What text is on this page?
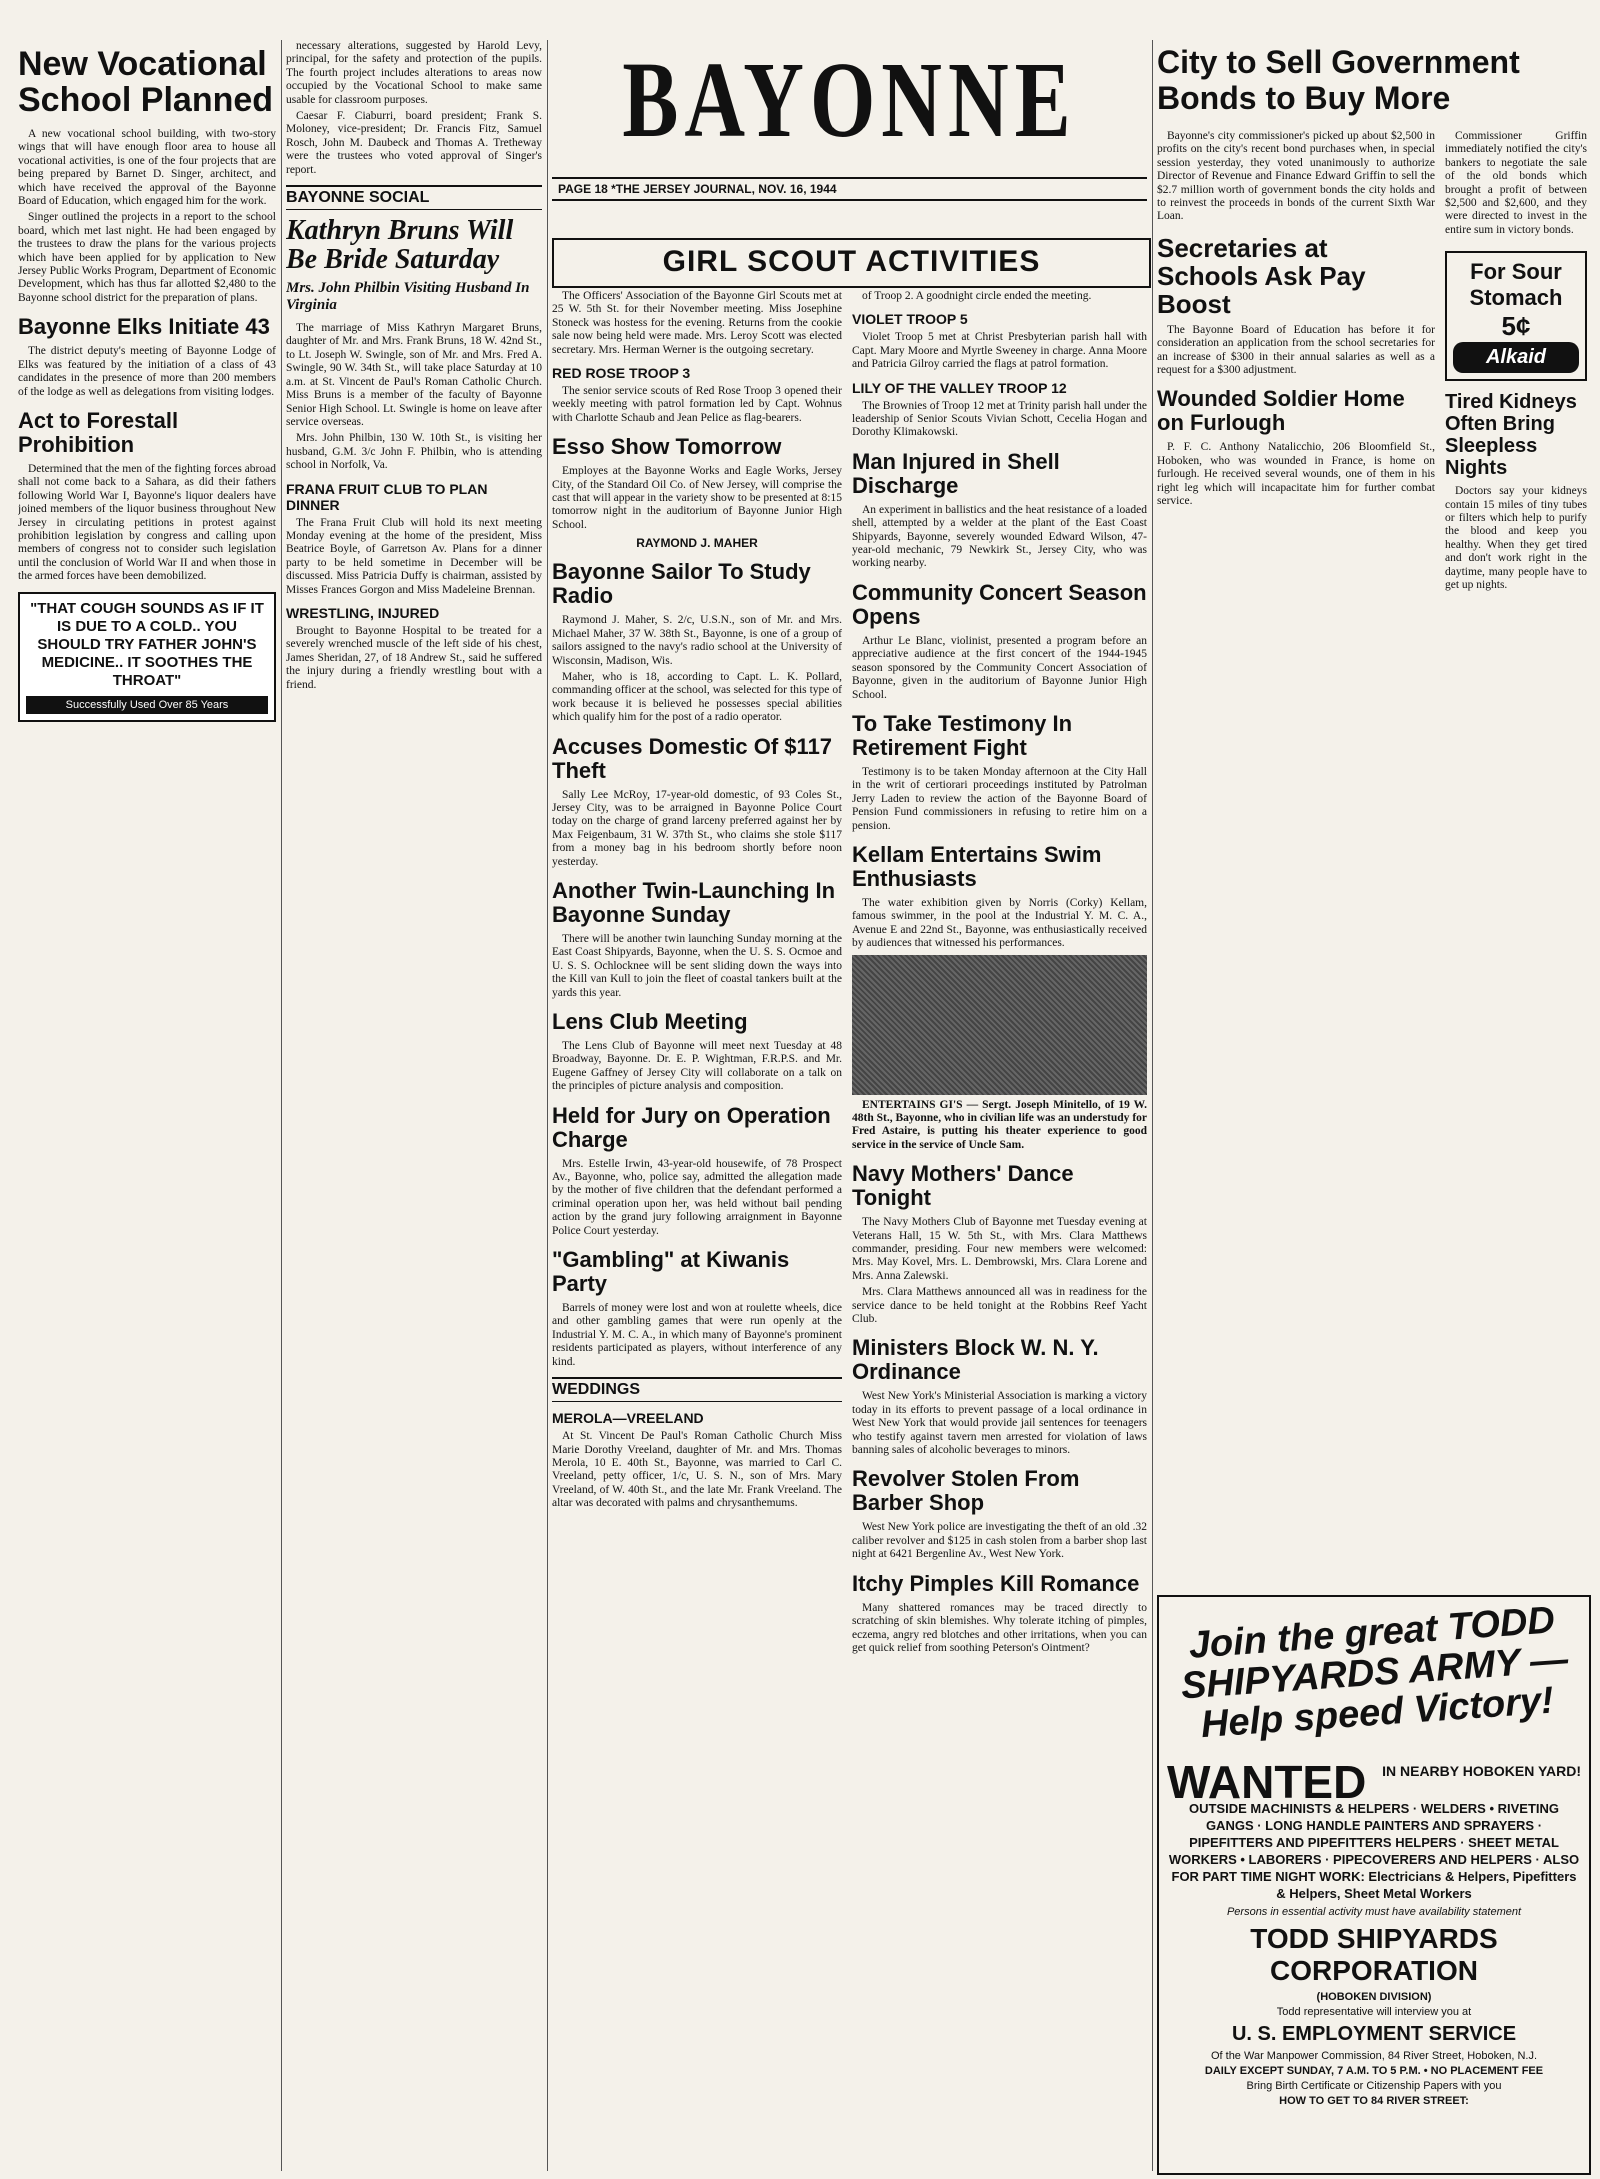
New Vocational School Planned

A new vocational school building, with two-story wings that will have enough floor area to house all vocational activities, is one of the four projects that are being prepared by Barnet D. Singer, architect, and which have received the approval of the Bayonne Board of Education, which engaged him for the work.

Singer outlined the projects in a report to the school board, which met last night. He had been engaged by the trustees to draw the plans for the various projects which have been applied for by application to New Jersey Public Works Program, Department of Economic Development, which has thus far allotted $2,480 to the Bayonne school district for the preparation of plans.

Bayonne Elks Initiate 43

The district deputy's meeting of Bayonne Lodge of Elks was featured by the initiation of a class of 43 candidates in the presence of more than 200 members of the lodge as well as delegations from visiting lodges.

Act to Forestall Prohibition

Determined that the men of the fighting forces abroad shall not come back to a Sahara, as did their fathers following World War I, Bayonne's liquor dealers have joined members of the liquor business throughout New Jersey in circulating petitions in protest against prohibition legislation by congress and calling upon members of congress not to consider such legislation until the conclusion of World War II and when those in the armed forces have been demobilized.

"THAT COUGH SOUNDS AS IF IT IS DUE TO A COLD.. YOU SHOULD TRY FATHER JOHN'S MEDICINE.. IT SOOTHES THE THROAT"
Successfully Used Over 85 Years

necessary alterations, suggested by Harold Levy, principal, for the safety and protection of the pupils. The fourth project includes alterations to areas now occupied by the Vocational School to make same usable for classroom purposes.

Caesar F. Ciaburri, board president; Frank S. Moloney, vice-president; Dr. Francis Fitz, Samuel Rosch, John M. Daubeck and Thomas A. Tretheway were the trustees who voted approval of Singer's report.

BAYONNE SOCIAL
Kathryn Bruns Will Be Bride Saturday
Mrs. John Philbin Visiting Husband In Virginia

The marriage of Miss Kathryn Margaret Bruns, daughter of Mr. and Mrs. Frank Bruns, 18 W. 42nd St., to Lt. Joseph W. Swingle, son of Mr. and Mrs. Fred A. Swingle, 90 W. 34th St., will take place Saturday at 10 a.m. at St. Vincent de Paul's Roman Catholic Church. Miss Bruns is a member of the faculty of Bayonne Senior High School. Lt. Swingle is home on leave after service overseas.

Mrs. John Philbin, 130 W. 10th St., is visiting her husband, G.M. 3/c John F. Philbin, who is attending school in Norfolk, Va.

FRANA FRUIT CLUB TO PLAN DINNER

The Frana Fruit Club will hold its next meeting Monday evening at the home of the president, Miss Beatrice Boyle, of Garretson Av. Plans for a dinner party to be held sometime in December will be discussed. Miss Patricia Duffy is chairman, assisted by Misses Frances Gorgon and Miss Madeleine Brennan.

WRESTLING, INJURED

Brought to Bayonne Hospital to be treated for a severely wrenched muscle of the left side of his chest, James Sheridan, 27, of 18 Andrew St., said he suffered the injury during a friendly wrestling bout with a friend.

BAYONNE
PAGE 18 *THE JERSEY JOURNAL, NOV. 16, 1944
GIRL SCOUT ACTIVITIES

The Officers' Association of the Bayonne Girl Scouts met at 25 W. 5th St. for their November meeting. Miss Josephine Stoneck was hostess for the evening. Returns from the cookie sale now being held were made. Mrs. Leroy Scott was elected secretary. Mrs. Herman Werner is the outgoing secretary.

RED ROSE TROOP 3

The senior service scouts of Red Rose Troop 3 opened their weekly meeting with patrol formation led by Capt. Wohnus with Charlotte Schaub and Jean Pelice as flag-bearers.

Esso Show Tomorrow

Employes at the Bayonne Works and Eagle Works, Jersey City, of the Standard Oil Co. of New Jersey, will comprise the cast that will appear in the variety show to be presented at 8:15 tomorrow night in the auditorium of Bayonne Junior High School.

RAYMOND J. MAHER
Bayonne Sailor To Study Radio

Raymond J. Maher, S. 2/c, U.S.N., son of Mr. and Mrs. Michael Maher, 37 W. 38th St., Bayonne, is one of a group of sailors assigned to the navy's radio school at the University of Wisconsin, Madison, Wis.

Maher, who is 18, according to Capt. L. K. Pollard, commanding officer at the school, was selected for this type of work because it is believed he possesses special abilities which qualify him for the post of a radio operator.

Accuses Domestic Of $117 Theft

Sally Lee McRoy, 17-year-old domestic, of 93 Coles St., Jersey City, was to be arraigned in Bayonne Police Court today on the charge of grand larceny preferred against her by Max Feigenbaum, 31 W. 37th St., who claims she stole $117 from a money bag in his bedroom shortly before noon yesterday.

Another Twin-Launching In Bayonne Sunday

There will be another twin launching Sunday morning at the East Coast Shipyards, Bayonne, when the U. S. S. Ocmoe and U. S. S. Ochlocknee will be sent sliding down the ways into the Kill van Kull to join the fleet of coastal tankers built at the yards this year.

Lens Club Meeting

The Lens Club of Bayonne will meet next Tuesday at 48 Broadway, Bayonne. Dr. E. P. Wightman, F.R.P.S. and Mr. Eugene Gaffney of Jersey City will collaborate on a talk on the principles of picture analysis and composition.

Held for Jury on Operation Charge

Mrs. Estelle Irwin, 43-year-old housewife, of 78 Prospect Av., Bayonne, who, police say, admitted the allegation made by the mother of five children that the defendant performed a criminal operation upon her, was held without bail pending action by the grand jury following arraignment in Bayonne Police Court yesterday.

"Gambling" at Kiwanis Party

Barrels of money were lost and won at roulette wheels, dice and other gambling games that were run openly at the Industrial Y. M. C. A., in which many of Bayonne's prominent residents participated as players, without interference of any kind.

WEDDINGS
MEROLA—VREELAND

At St. Vincent De Paul's Roman Catholic Church Miss Marie Dorothy Vreeland, daughter of Mr. and Mrs. Thomas Merola, 10 E. 40th St., Bayonne, was married to Carl C. Vreeland, petty officer, 1/c, U. S. N., son of Mrs. Mary Vreeland, of W. 40th St., and the late Mr. Frank Vreeland. The altar was decorated with palms and chrysanthemums.

of Troop 2. A goodnight circle ended the meeting.

VIOLET TROOP 5

Violet Troop 5 met at Christ Presbyterian parish hall with Capt. Mary Moore and Myrtle Sweeney in charge. Anna Moore and Patricia Gilroy carried the flags at patrol formation.

LILY OF THE VALLEY TROOP 12

The Brownies of Troop 12 met at Trinity parish hall under the leadership of Senior Scouts Vivian Schott, Cecelia Hogan and Dorothy Klimakowski.

Man Injured in Shell Discharge

An experiment in ballistics and the heat resistance of a loaded shell, attempted by a welder at the plant of the East Coast Shipyards, Bayonne, severely wounded Edward Wilson, 47-year-old mechanic, 79 Newkirk St., Jersey City, who was working nearby.

Community Concert Season Opens

Arthur Le Blanc, violinist, presented a program before an appreciative audience at the first concert of the 1944-1945 season sponsored by the Community Concert Association of Bayonne, given in the auditorium of Bayonne Junior High School.

To Take Testimony In Retirement Fight

Testimony is to be taken Monday afternoon at the City Hall in the writ of certiorari proceedings instituted by Patrolman Jerry Laden to review the action of the Bayonne Board of Pension Fund commissioners in refusing to retire him on a pension.

Kellam Entertains Swim Enthusiasts

The water exhibition given by Norris (Corky) Kellam, famous swimmer, in the pool at the Industrial Y. M. C. A., Avenue E and 22nd St., Bayonne, was enthusiastically received by audiences that witnessed his performances.

ENTERTAINS GI'S — Sergt. Joseph Minitello, of 19 W. 48th St., Bayonne, who in civilian life was an understudy for Fred Astaire, is putting his theater experience to good service in the service of Uncle Sam.

Navy Mothers' Dance Tonight

The Navy Mothers Club of Bayonne met Tuesday evening at Veterans Hall, 15 W. 5th St., with Mrs. Clara Matthews commander, presiding. Four new members were welcomed: Mrs. May Kovel, Mrs. L. Dembrowski, Mrs. Clara Lorene and Mrs. Anna Zalewski.

Mrs. Clara Matthews announced all was in readiness for the service dance to be held tonight at the Robbins Reef Yacht Club.

Ministers Block W. N. Y. Ordinance

West New York's Ministerial Association is marking a victory today in its efforts to prevent passage of a local ordinance in West New York that would provide jail sentences for teenagers who testify against tavern men arrested for violation of laws banning sales of alcoholic beverages to minors.

Revolver Stolen From Barber Shop

West New York police are investigating the theft of an old .32 caliber revolver and $125 in cash stolen from a barber shop last night at 6421 Bergenline Av., West New York.

Itchy Pimples Kill Romance

Many shattered romances may be traced directly to scratching of skin blemishes. Why tolerate itching of pimples, eczema, angry red blotches and other irritations, when you can get quick relief from soothing Peterson's Ointment?

City to Sell Government Bonds to Buy More

Bayonne's city commissioner's picked up about $2,500 in profits on the city's recent bond purchases when, in special session yesterday, they voted unanimously to authorize Director of Revenue and Finance Edward Griffin to sell the $2.7 million worth of government bonds the city holds and to reinvest the proceeds in bonds of the current Sixth War Loan.

Secretaries at Schools Ask Pay Boost

The Bayonne Board of Education has before it for consideration an application from the school secretaries for an increase of $300 in their annual salaries as well as a request for a $300 adjustment.

Wounded Soldier Home on Furlough

P. F. C. Anthony Natalicchio, 206 Bloomfield St., Hoboken, who was wounded in France, is home on furlough. He received several wounds, one of them in his right leg which will incapacitate him for further combat service.

Commissioner Griffin immediately notified the city's bankers to negotiate the sale of the old bonds which brought a profit of between $2,500 and $2,600, and they were directed to invest in the entire sum in victory bonds.

For Sour Stomach
5¢
Alkaid
Tired Kidneys Often Bring Sleepless Nights

Doctors say your kidneys contain 15 miles of tiny tubes or filters which help to purify the blood and keep you healthy. When they get tired and don't work right in the daytime, many people have to get up nights.

Join the great TODD SHIPYARDS ARMY —Help speed Victory!
WANTED	IN NEARBY HOBOKEN YARD!
OUTSIDE MACHINISTS & HELPERS · WELDERS • RIVETING GANGS · LONG HANDLE PAINTERS AND SPRAYERS · PIPEFITTERS AND PIPEFITTERS HELPERS · SHEET METAL WORKERS • LABORERS · PIPECOVERERS AND HELPERS · ALSO FOR PART TIME NIGHT WORK: Electricians & Helpers, Pipefitters & Helpers, Sheet Metal Workers
Persons in essential activity must have availability statement
TODD SHIPYARDS CORPORATION
(HOBOKEN DIVISION)
Todd representative will interview you at
U. S. EMPLOYMENT SERVICE
Of the War Manpower Commission, 84 River Street, Hoboken, N.J.
DAILY EXCEPT SUNDAY, 7 A.M. TO 5 P.M. • NO PLACEMENT FEE
Bring Birth Certificate or Citizenship Papers with you
HOW TO GET TO 84 RIVER STREET:
